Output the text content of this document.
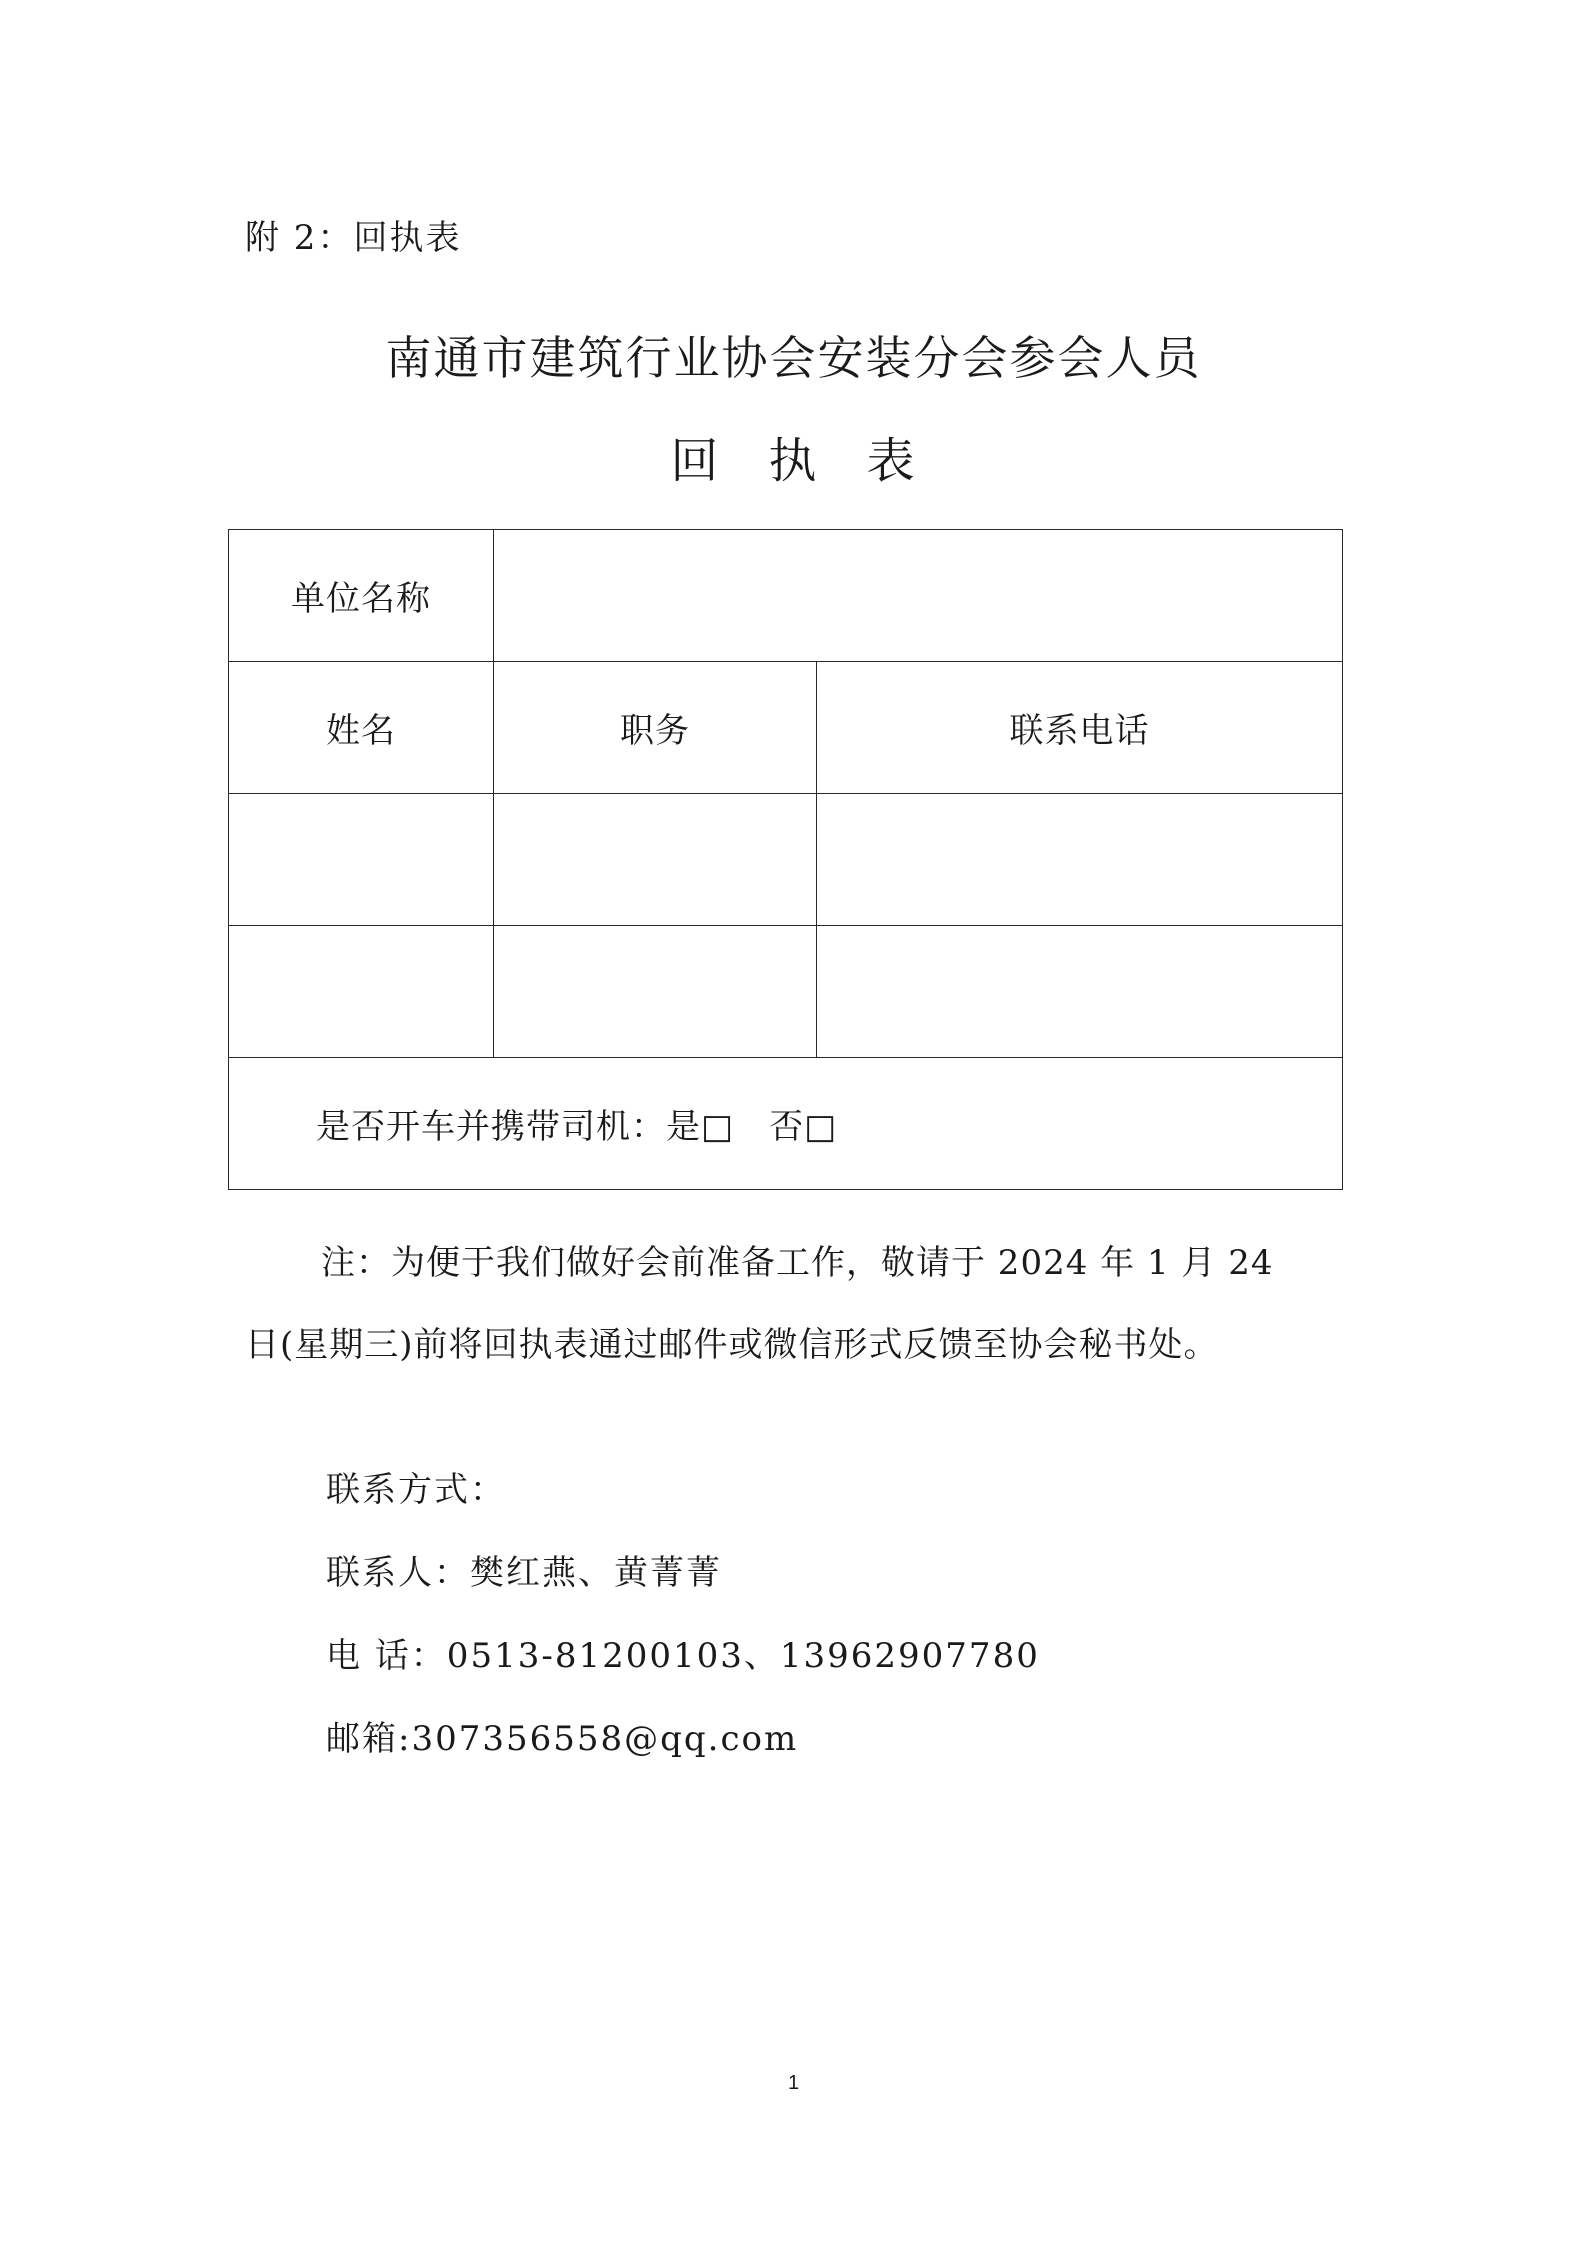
附 2：回执表
南通市建筑行业协会安装分会参会人员
回 执 表
单位名称		
姓名	职务	联系电话

是否开车并携带司机：是□　否□		
注：为便于我们做好会前准备工作，敬请于 2024 年 1 月 24
日(星期三)前将回执表通过邮件或微信形式反馈至协会秘书处。
联系方式：
联系人：樊红燕、黄菁菁
电 话：0513-81200103、13962907780
邮箱:307356558@qq.com
1
